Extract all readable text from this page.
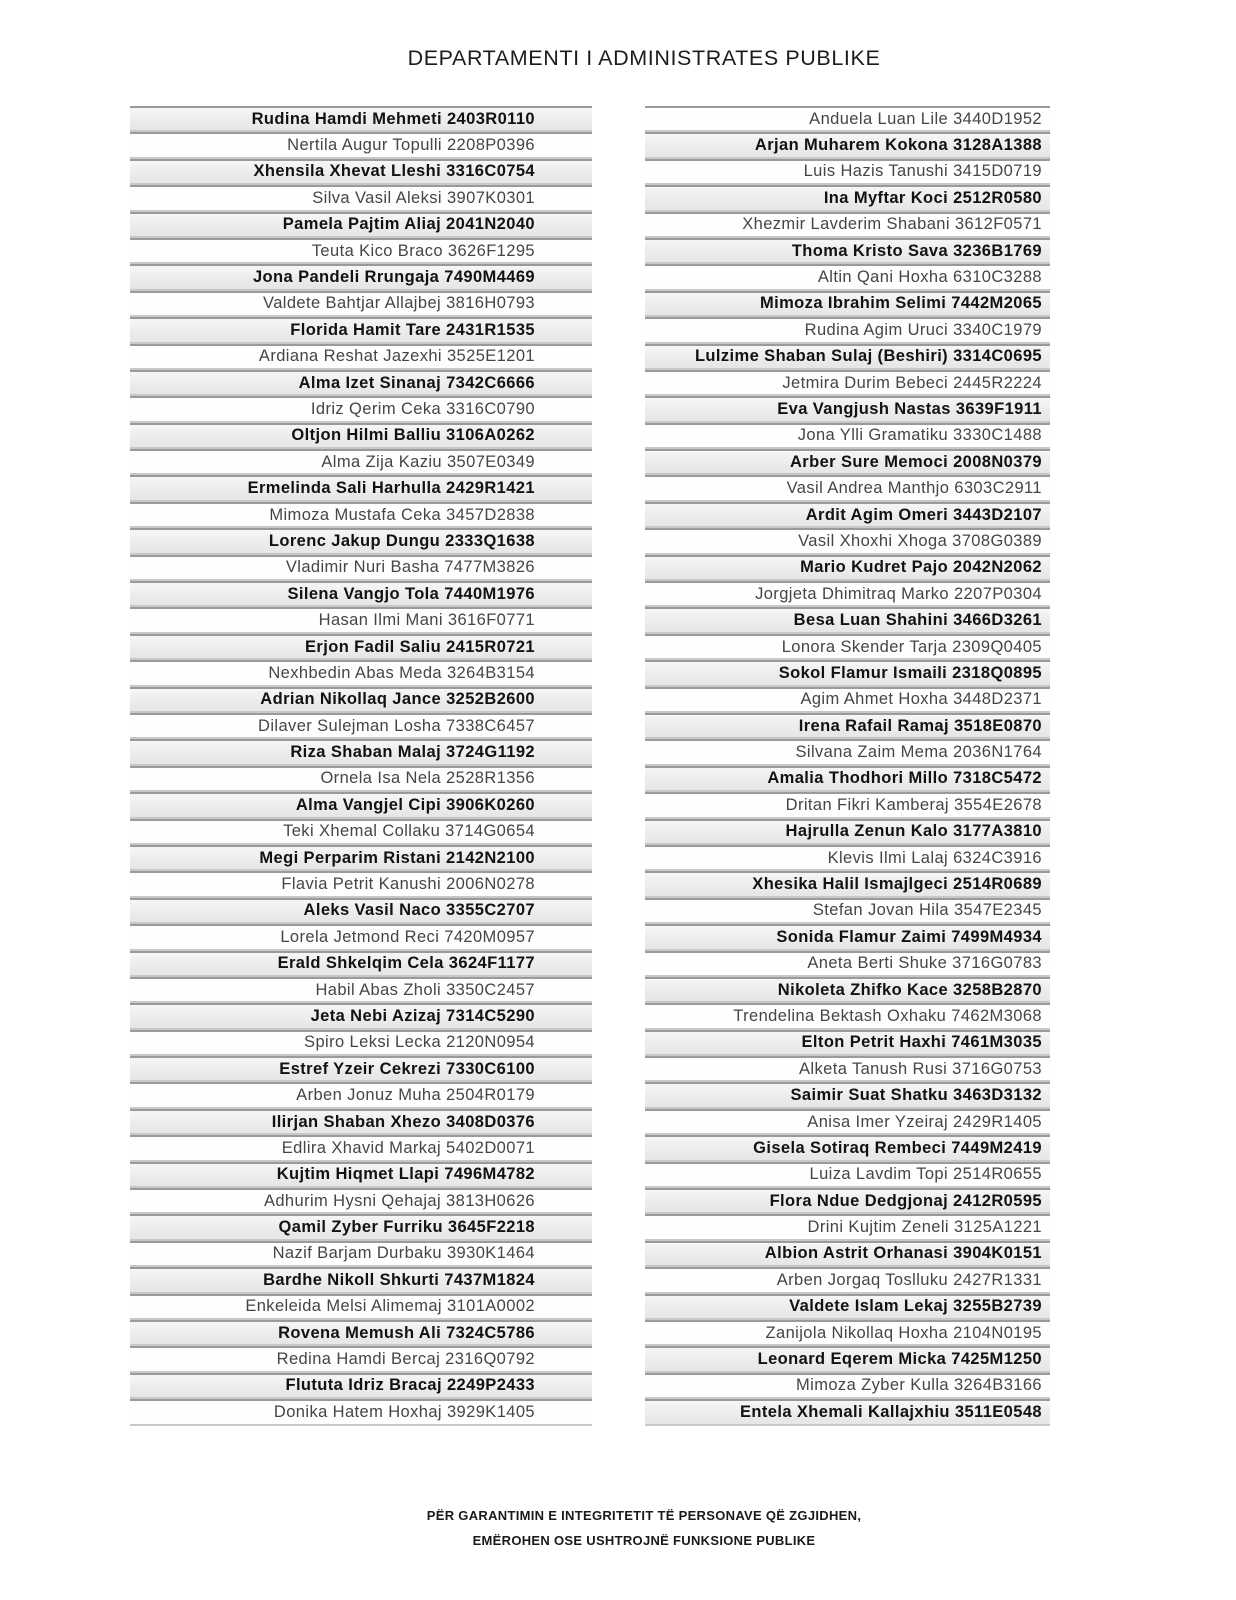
DEPARTAMENTI I ADMINISTRATES PUBLIKE
Rudina Hamdi Mehmeti 2403R0110
Nertila Augur Topulli 2208P0396
Xhensila Xhevat Lleshi 3316C0754
Silva Vasil Aleksi 3907K0301
Pamela Pajtim Aliaj 2041N2040
Teuta Kico Braco 3626F1295
Jona Pandeli Rrungaja 7490M4469
Valdete Bahtjar Allajbej 3816H0793
Florida Hamit Tare 2431R1535
Ardiana Reshat Jazexhi 3525E1201
Alma Izet Sinanaj 7342C6666
Idriz Qerim Ceka 3316C0790
Oltjon Hilmi Balliu 3106A0262
Alma Zija Kaziu 3507E0349
Ermelinda Sali Harhulla 2429R1421
Mimoza Mustafa Ceka 3457D2838
Lorenc Jakup Dungu 2333Q1638
Vladimir Nuri Basha 7477M3826
Silena Vangjo Tola 7440M1976
Hasan Ilmi Mani 3616F0771
Erjon Fadil Saliu 2415R0721
Nexhbedin Abas Meda 3264B3154
Adrian Nikollaq Jance 3252B2600
Dilaver Sulejman Losha 7338C6457
Riza Shaban Malaj 3724G1192
Ornela Isa Nela 2528R1356
Alma Vangjel Cipi 3906K0260
Teki Xhemal Collaku 3714G0654
Megi Perparim Ristani 2142N2100
Flavia Petrit Kanushi 2006N0278
Aleks Vasil Naco 3355C2707
Lorela Jetmond Reci 7420M0957
Erald Shkelqim Cela 3624F1177
Habil Abas Zholi 3350C2457
Jeta Nebi Azizaj 7314C5290
Spiro Leksi Lecka 2120N0954
Estref Yzeir Cekrezi 7330C6100
Arben Jonuz Muha 2504R0179
Ilirjan Shaban Xhezo 3408D0376
Edlira Xhavid Markaj 5402D0071
Kujtim Hiqmet Llapi 7496M4782
Adhurim Hysni Qehajaj 3813H0626
Qamil Zyber Furriku 3645F2218
Nazif Barjam Durbaku 3930K1464
Bardhe Nikoll Shkurti 7437M1824
Enkeleida Melsi Alimemaj 3101A0002
Rovena Memush Ali 7324C5786
Redina Hamdi Bercaj 2316Q0792
Flututa Idriz Bracaj 2249P2433
Donika Hatem Hoxhaj 3929K1405
Anduela Luan Lile 3440D1952
Arjan Muharem Kokona 3128A1388
Luis Hazis Tanushi 3415D0719
Ina Myftar Koci 2512R0580
Xhezmir Lavderim Shabani 3612F0571
Thoma Kristo Sava 3236B1769
Altin Qani Hoxha 6310C3288
Mimoza Ibrahim Selimi 7442M2065
Rudina Agim Uruci 3340C1979
Lulzime Shaban Sulaj (Beshiri) 3314C0695
Jetmira Durim Bebeci 2445R2224
Eva Vangjush Nastas 3639F1911
Jona Ylli Gramatiku 3330C1488
Arber Sure Memoci 2008N0379
Vasil Andrea Manthjo 6303C2911
Ardit Agim Omeri 3443D2107
Vasil Xhoxhi Xhoga 3708G0389
Mario Kudret Pajo 2042N2062
Jorgjeta Dhimitraq Marko 2207P0304
Besa Luan Shahini 3466D3261
Lonora Skender Tarja 2309Q0405
Sokol Flamur Ismaili 2318Q0895
Agim Ahmet Hoxha 3448D2371
Irena Rafail Ramaj 3518E0870
Silvana Zaim Mema 2036N1764
Amalia Thodhori Millo 7318C5472
Dritan Fikri Kamberaj 3554E2678
Hajrulla Zenun Kalo 3177A3810
Klevis Ilmi Lalaj 6324C3916
Xhesika Halil Ismajlgeci 2514R0689
Stefan Jovan Hila 3547E2345
Sonida Flamur Zaimi 7499M4934
Aneta Berti Shuke 3716G0783
Nikoleta Zhifko Kace 3258B2870
Trendelina Bektash Oxhaku 7462M3068
Elton Petrit Haxhi 7461M3035
Alketa Tanush Rusi 3716G0753
Saimir Suat Shatku 3463D3132
Anisa Imer Yzeiraj 2429R1405
Gisela Sotiraq Rembeci 7449M2419
Luiza Lavdim Topi 2514R0655
Flora Ndue Dedgjonaj 2412R0595
Drini Kujtim Zeneli 3125A1221
Albion Astrit Orhanasi 3904K0151
Arben Jorgaq Toslluku 2427R1331
Valdete Islam Lekaj 3255B2739
Zanijola Nikollaq Hoxha 2104N0195
Leonard Eqerem Micka 7425M1250
Mimoza Zyber Kulla 3264B3166
Entela Xhemali Kallajxhiu 3511E0548
PËR GARANTIMIN E INTEGRITETIT TË PERSONAVE QË ZGJIDHEN,
EMËROHEN OSE USHTROJNË FUNKSIONE PUBLIKE
